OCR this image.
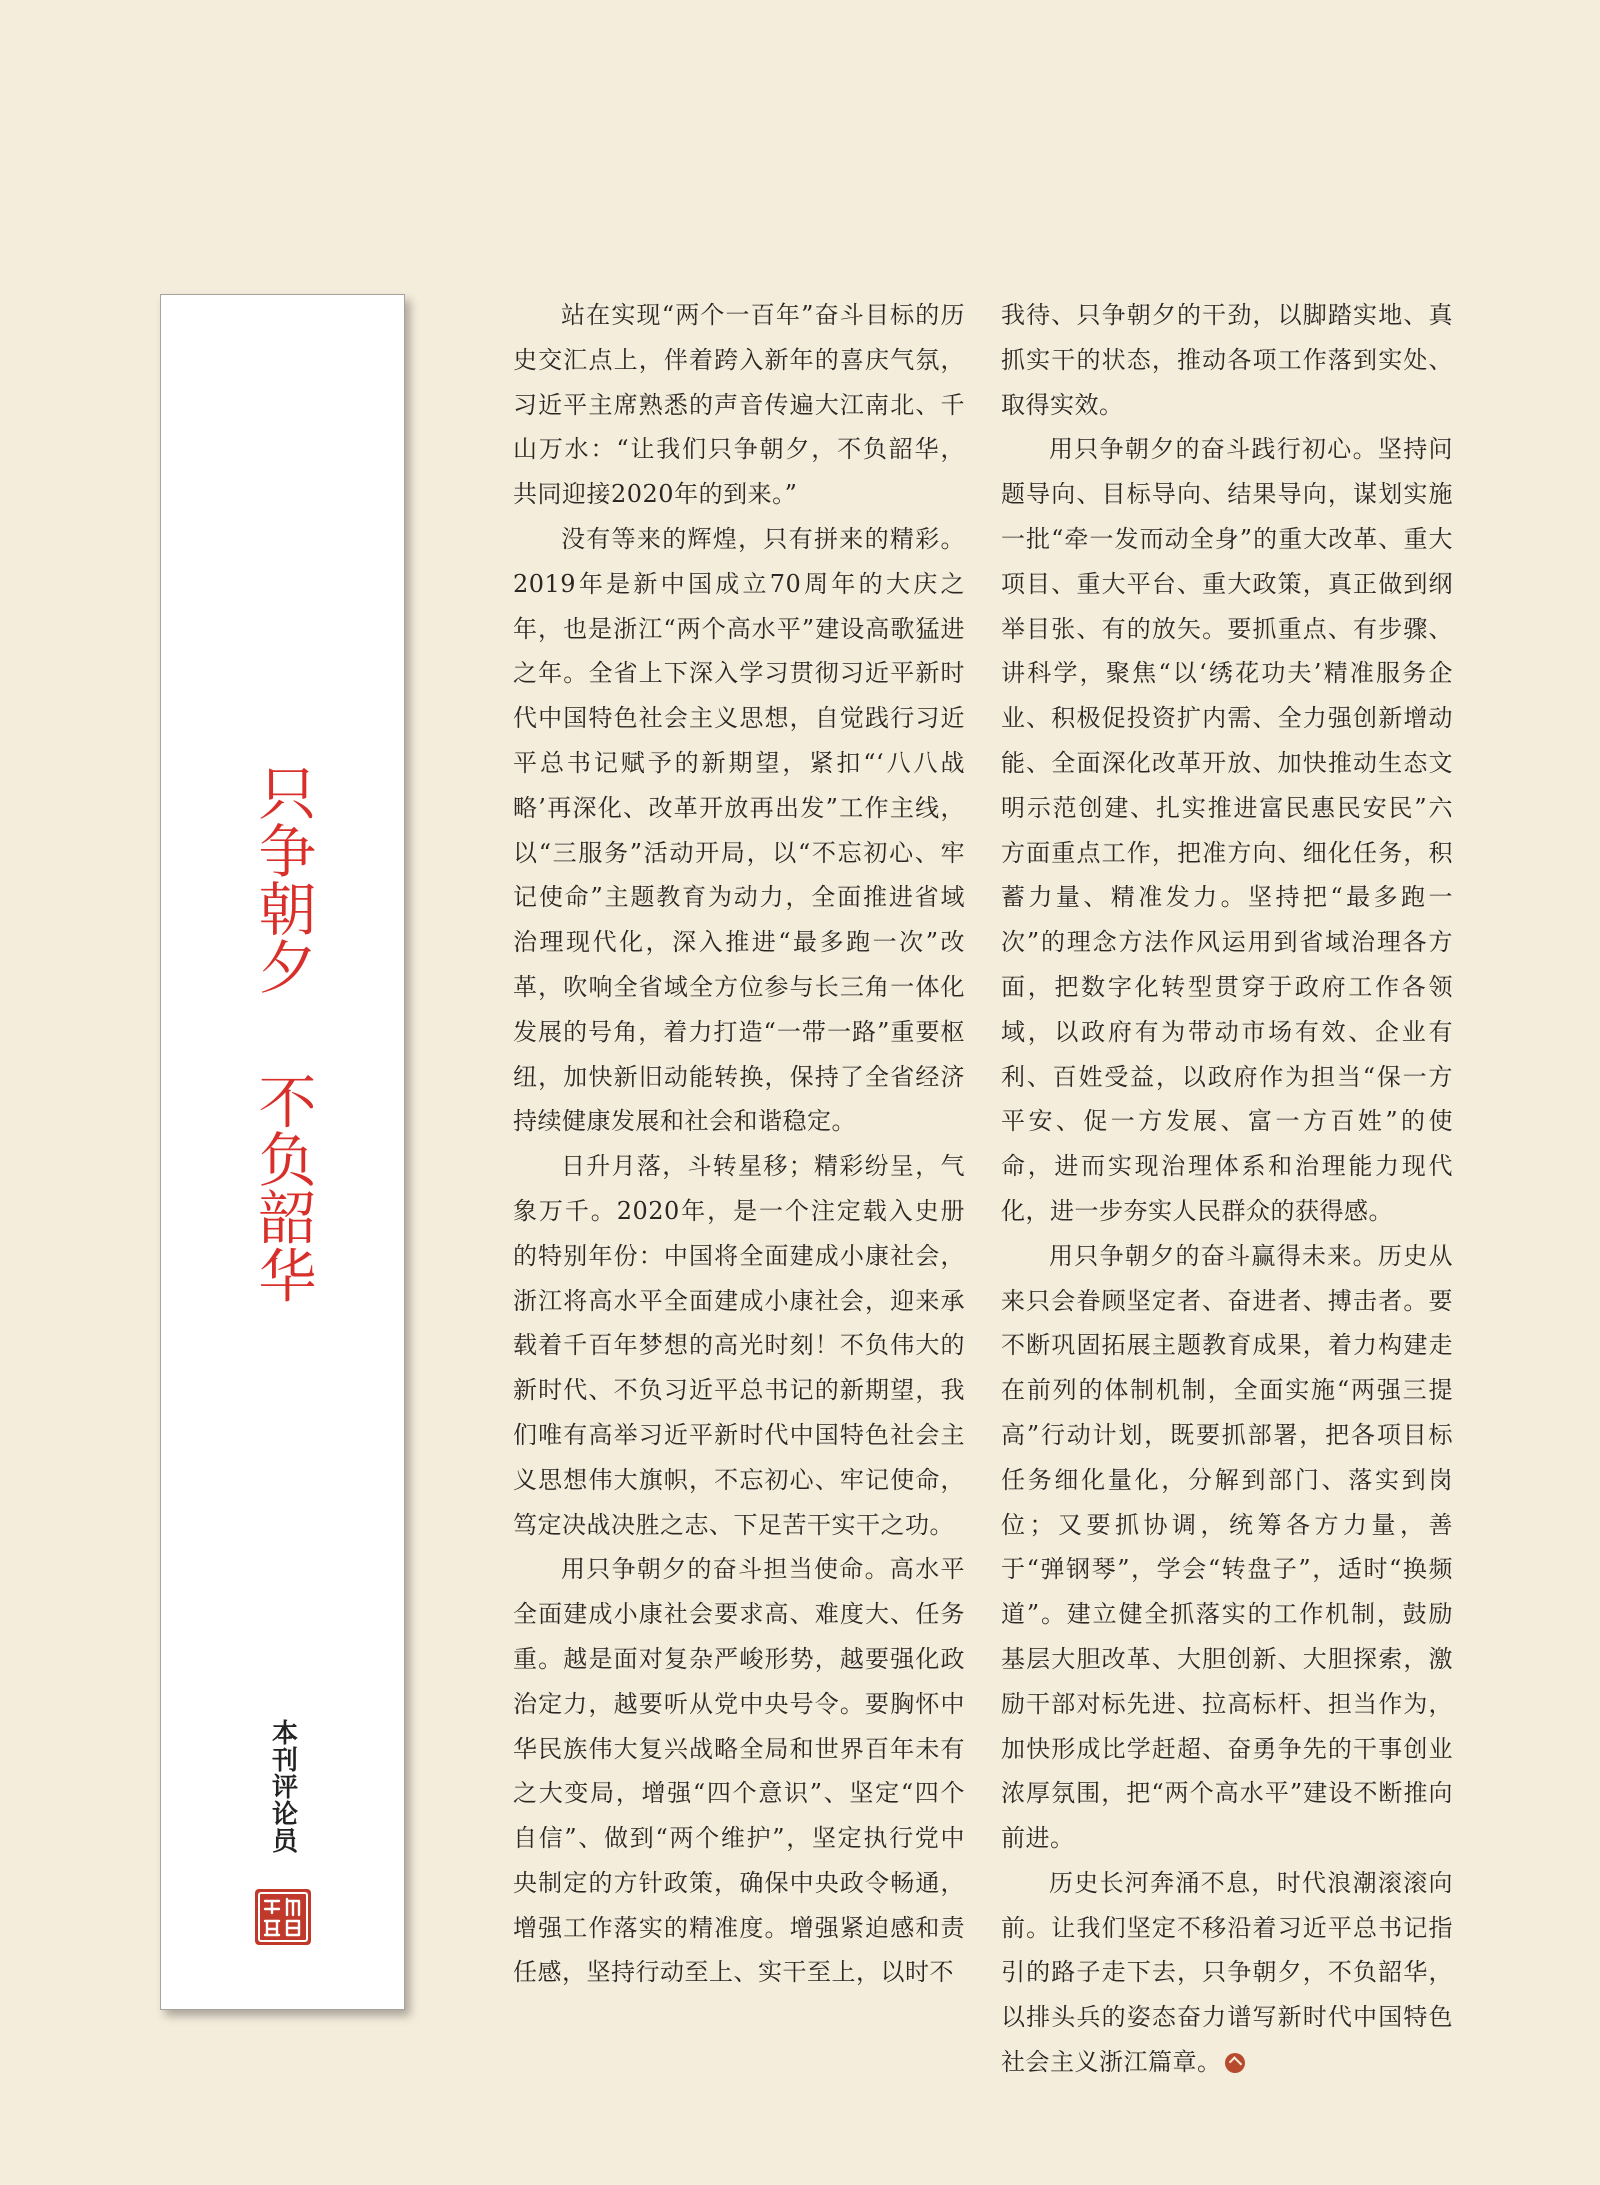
只争朝夕　 不负韶华
本刊评论员

站在实现“两个一百年”奋斗目标的历史交汇点上，伴着跨入新年的喜庆气氛，习近平主席熟悉的声音传遍大江南北、千山万水：“让我们只争朝夕，不负韶华，共同迎接2020年的到来。”

没有等来的辉煌，只有拼来的精彩。2019年是新中国成立70周年的大庆之年，也是浙江“两个高水平”建设高歌猛进之年。全省上下深入学习贯彻习近平新时代中国特色社会主义思想，自觉践行习近平总书记赋予的新期望，紧扣“‘八八战略’再深化、改革开放再出发”工作主线，以“三服务”活动开局，以“不忘初心、牢记使命”主题教育为动力，全面推进省域治理现代化，深入推进“最多跑一次”改革，吹响全省域全方位参与长三角一体化发展的号角，着力打造“一带一路”重要枢纽，加快新旧动能转换，保持了全省经济持续健康发展和社会和谐稳定。

日升月落，斗转星移；精彩纷呈，气象万千。2020年，是一个注定载入史册的特别年份：中国将全面建成小康社会，浙江将高水平全面建成小康社会，迎来承载着千百年梦想的高光时刻！不负伟大的新时代、不负习近平总书记的新期望，我们唯有高举习近平新时代中国特色社会主义思想伟大旗帜，不忘初心、牢记使命，笃定决战决胜之志、下足苦干实干之功。

用只争朝夕的奋斗担当使命。高水平全面建成小康社会要求高、难度大、任务重。越是面对复杂严峻形势，越要强化政治定力，越要听从党中央号令。要胸怀中华民族伟大复兴战略全局和世界百年未有之大变局，增强“四个意识”、坚定“四个自信”、做到“两个维护”，坚定执行党中央制定的方针政策，确保中央政令畅通，增强工作落实的精准度。增强紧迫感和责任感，坚持行动至上、实干至上，以时不

我待、只争朝夕的干劲，以脚踏实地、真抓实干的状态，推动各项工作落到实处、取得实效。

用只争朝夕的奋斗践行初心。坚持问题导向、目标导向、结果导向，谋划实施一批“牵一发而动全身”的重大改革、重大项目、重大平台、重大政策，真正做到纲举目张、有的放矢。要抓重点、有步骤、讲科学，聚焦“以‘绣花功夫’精准服务企业、积极促投资扩内需、全力强创新增动能、全面深化改革开放、加快推动生态文明示范创建、扎实推进富民惠民安民”六方面重点工作，把准方向、细化任务，积蓄力量、精准发力。坚持把“最多跑一次”的理念方法作风运用到省域治理各方面，把数字化转型贯穿于政府工作各领域，以政府有为带动市场有效、企业有利、百姓受益，以政府作为担当“保一方平安、促一方发展、富一方百姓”的使命，进而实现治理体系和治理能力现代化，进一步夯实人民群众的获得感。

用只争朝夕的奋斗赢得未来。历史从来只会眷顾坚定者、奋进者、搏击者。要不断巩固拓展主题教育成果，着力构建走在前列的体制机制，全面实施“两强三提高”行动计划，既要抓部署，把各项目标任务细化量化，分解到部门、落实到岗位；又要抓协调，统筹各方力量，善于“弹钢琴”，学会“转盘子”，适时“换频道”。建立健全抓落实的工作机制，鼓励基层大胆改革、大胆创新、大胆探索，激励干部对标先进、拉高标杆、担当作为，加快形成比学赶超、奋勇争先的干事创业浓厚氛围，把“两个高水平”建设不断推向前进。

历史长河奔涌不息，时代浪潮滚滚向前。让我们坚定不移沿着习近平总书记指引的路子走下去，只争朝夕，不负韶华，以排头兵的姿态奋力谱写新时代中国特色社会主义浙江篇章。
